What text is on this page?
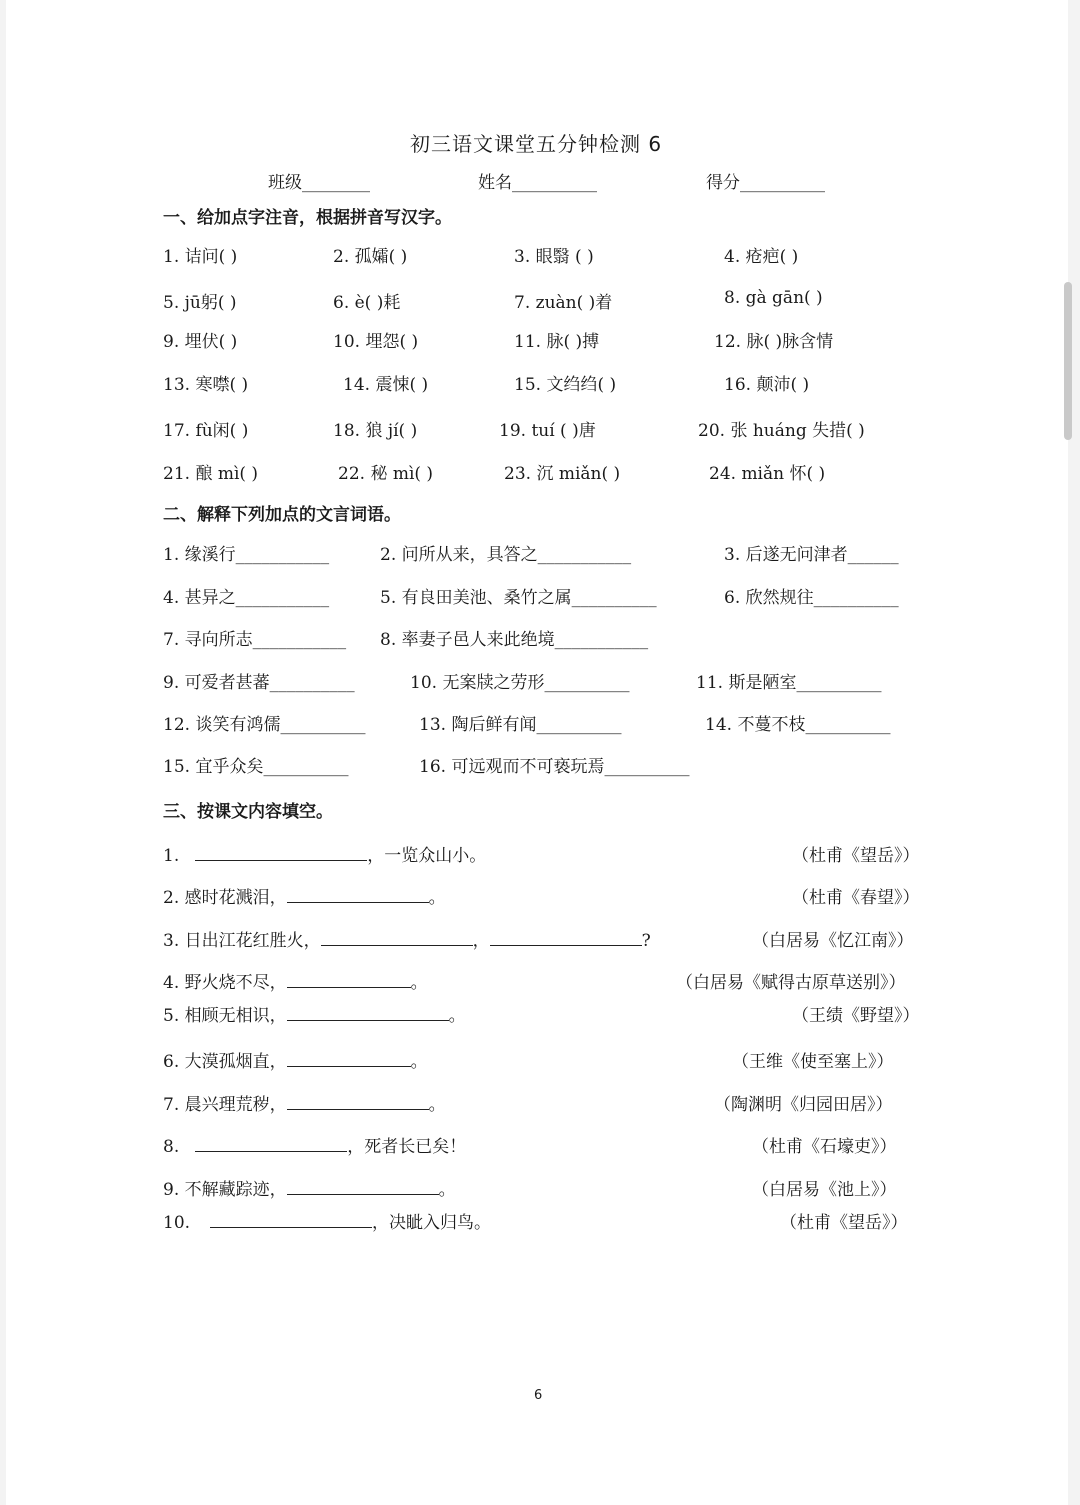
初三语文课堂五分钟检测 6
班级________	姓名__________	得分__________
一、给加点字注音，根据拼音写汉字。
1. 诘问( )	2. 孤孀( )	3. 眼翳 ( )	4. 疮疤( )
5. jū躬( )	6. è( )耗	7. zuàn( )着	8. gà gān( )
9. 埋伏( )	10. 埋怨( )	11. 脉( )搏	12. 脉( )脉含情
13. 寒噤( )	14. 震悚( )	15. 文绉绉( )	16. 颠沛( )
17. fù闲( )	18. 狼 jí( )	19. tuí ( )唐	20. 张 huáng 失措( )
21. 酿 mì( )	22. 秘 mì( )	23. 沉 miǎn( )	24. miǎn 怀( )
二、解释下列加点的文言词语。
1. 缘溪行___________	2. 问所从来，具答之___________	3. 后遂无问津者______
4. 甚异之___________	5. 有良田美池、桑竹之属__________	6. 欣然规往__________
7. 寻向所志___________ 8. 率妻子邑人来此绝境___________
9. 可爱者甚蕃__________	10. 无案牍之劳形__________	11. 斯是陋室__________
12. 谈笑有鸿儒__________	13. 陶后鲜有闻__________	14. 不蔓不枝__________
15. 宜乎众矣__________	16. 可远观而不可亵玩焉__________
三、按课文内容填空。
1.	，一览众山小。	（杜甫《望岳》）
2. 感时花溅泪，	。	（杜甫《春望》）
3. 日出江花红胜火，	，	?	（白居易《忆江南》）
4. 野火烧不尽，	。	（白居易《赋得古原草送别》）
5. 相顾无相识，	。	（王绩《野望》）
6. 大漠孤烟直，	。	（王维《使至塞上》）
7. 晨兴理荒秽，	。	（陶渊明《归园田居》）
8.	，死者长已矣！	（杜甫《石壕吏》）
9. 不解藏踪迹，	。	（白居易《池上》）
10.	，决眦入归鸟。	（杜甫《望岳》）
6
